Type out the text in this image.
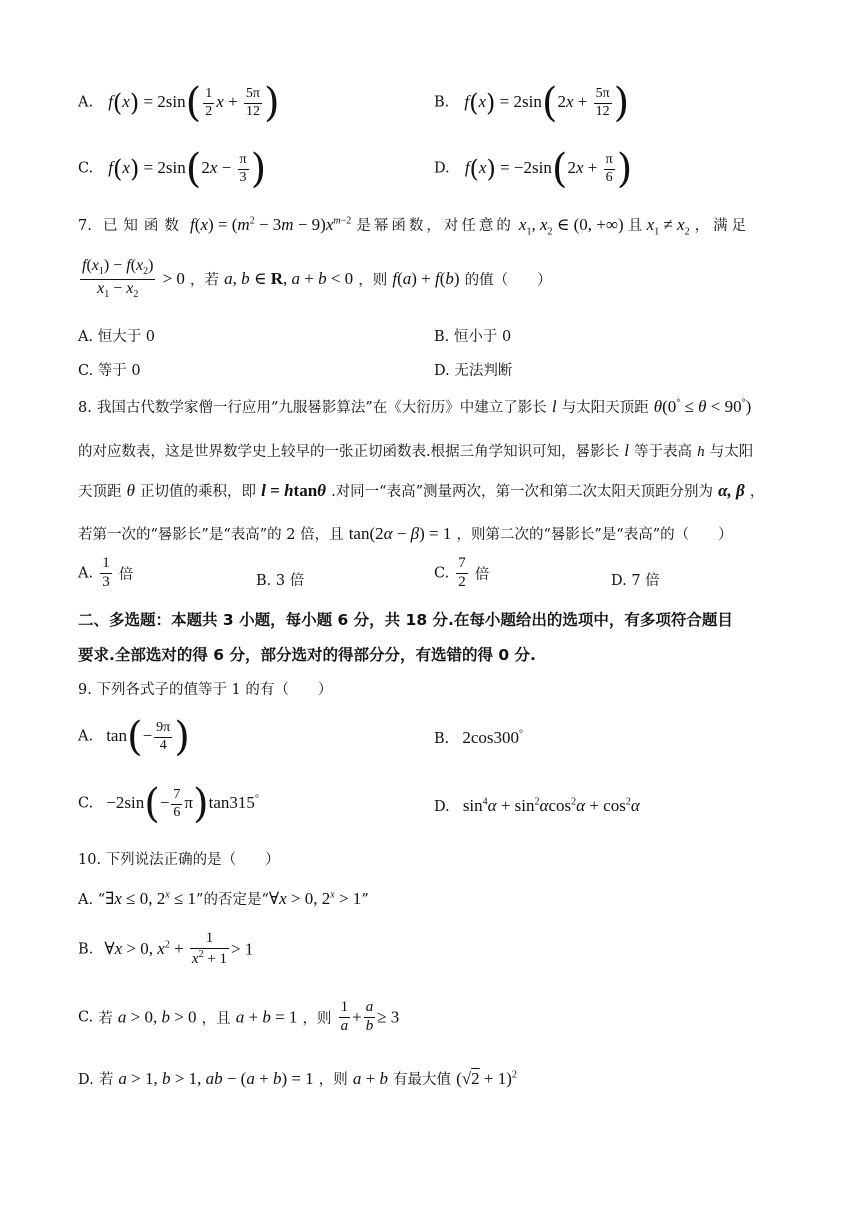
A. $f(x) = 2\sin( \frac{1}{2}$ $x + \frac{5\pi}{12}$ )	B. $f(x) = 2\sin(2x + \frac{5\pi}{12}$ )
C. $f(x) = 2\sin(2x - \frac{\pi}{3}$ )	D. $f(x) = -2\sin(2x + \frac{\pi}{6}$ )
7. 已知函数 $f(x) = (m^2 - 3m - 9)x^{m-2}$ 是幂函数，对任意的 $x_1$, $x_2$ ∈ (0, +∞) 且 $x_1 \ne x_2$ ，满足
$\frac{f(x_1) - f(x_2)}{x_1 - x_2} > 0$ ，若 a, b ∈ R, a + b < 0 ，则 f(a) + f(b) 的值（　　）
A. 恒大于 0	B. 恒小于 0
C. 等于 0	D. 无法判断
8. 我国古代数学家僧一行应用“九服晷影算法”在《大衍历》中建立了影长 l 与太阳天顶距 θ(0° ≤ θ < 90°)
的对应数表，这是世界数学史上较早的一张正切函数表.根据三角学知识可知，晷影长 l 等于表高 h 与太阳
天顶距 θ 正切值的乘积，即 l = htanθ .对同一“表高”测量两次，第一次和第二次太阳天顶距分别为 α, β ，
若第一次的“晷影长”是“表高”的 2 倍，且 tan(2α − β) = 1 ，则第二次的“晷影长”是“表高”的（　　）
A. $\frac{1}{3}$ 倍	B. 3 倍	C. $\frac{7}{2}$ 倍	D. 7 倍
二、多选题：本题共 3 小题，每小题 6 分，共 18 分.在每小题给出的选项中，有多项符合题目
要求.全部选对的得 6 分，部分选对的得部分分，有选错的得 0 分.
9. 下列各式子的值等于 1 的有（　　）
A. $\tan(- \frac{9\pi}{4}$ )	B. 2cos300°
C. $-2\sin(- \frac{7}{6} \pi)\tan 315^\circ$
D. $\sin^4\alpha + \sin^2\alpha\cos^2\alpha + \cos^2\alpha$
10. 下列说法正确的是（　　）
A. “∃x ≤ 0, $2^x \le 1$”的否定是“∀x > 0, $2^x > 1$”
B. ∀x > 0, $x^2 + \frac{1}{x^2 + 1} > 1$
C. 若 a > 0, b > 0 ，且 a + b = 1 ，则 $\frac{1}{a} + \frac{a}{b} \ge 3$
D. 若 a > 1, b > 1, ab − (a + b) = 1 ，则 a + b 有最大值 $(√2 + 1)^2$
